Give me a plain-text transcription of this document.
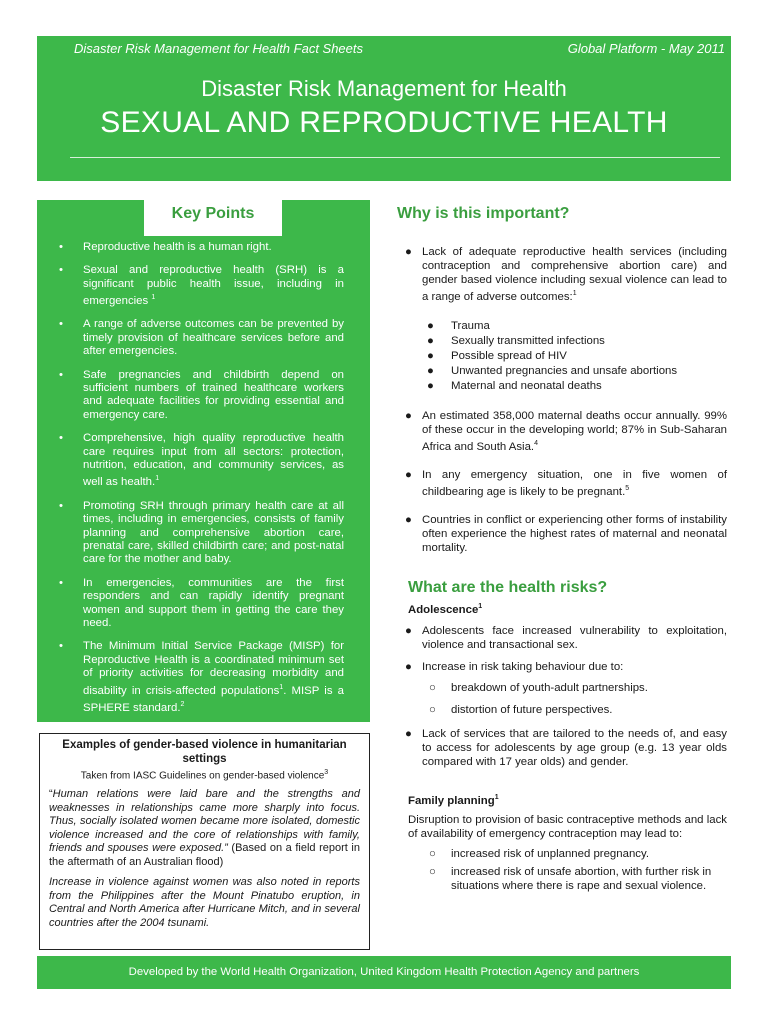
Disaster Risk Management for Health Fact Sheets	Global Platform - May 2011
Disaster Risk Management for Health
SEXUAL AND REPRODUCTIVE HEALTH
Key Points
• Reproductive health is a human right.
• Sexual and reproductive health (SRH) is a significant public health issue, including in emergencies $^1$
• A range of adverse outcomes can be prevented by timely provision of healthcare services before and after emergencies.
• Safe pregnancies and childbirth depend on sufficient numbers of trained healthcare workers and adequate facilities for providing essential and emergency care.
• Comprehensive, high quality reproductive health care requires input from all sectors: protection, nutrition, education, and community services, as well as health.$^1$
• Promoting SRH through primary health care at all times, including in emergencies, consists of family planning and comprehensive abortion care, prenatal care, skilled childbirth care; and post-natal care for the mother and baby.
• In emergencies, communities are the first responders and can rapidly identify pregnant women and support them in getting the care they need.
• The Minimum Initial Service Package (MISP) for Reproductive Health is a coordinated minimum set of priority activities for decreasing morbidity and disability in crisis-affected populations$^1$. MISP is a SPHERE standard.$^2$
Examples of gender-based violence in humanitarian settings
Taken from IASC Guidelines on gender-based violence$^3$

“Human relations were laid bare and the strengths and weaknesses in relationships came more sharply into focus. Thus, socially isolated women became more isolated, domestic violence increased and the core of relationships with family, friends and spouses were exposed.” (Based on a field report in the aftermath of an Australian flood)

Increase in violence against women was also noted in reports from the Philippines after the Mount Pinatubo eruption, in Central and North America after Hurricane Mitch, and in several countries after the 2004 tsunami.

Why is this important?
● Lack of adequate reproductive health services (including contraception and comprehensive abortion care) and gender based violence including sexual violence can lead to a range of adverse outcomes:$^1$
● Trauma
● Sexually transmitted infections
● Possible spread of HIV
● Unwanted pregnancies and unsafe abortions
● Maternal and neonatal deaths
● An estimated 358,000 maternal deaths occur annually. 99% of these occur in the developing world; 87% in Sub-Saharan Africa and South Asia.$^4$
● In any emergency situation, one in five women of childbearing age is likely to be pregnant.$^5$
● Countries in conflict or experiencing other forms of instability often experience the highest rates of maternal and neonatal mortality.
What are the health risks?
Adolescence$^1$
● Adolescents face increased vulnerability to exploitation, violence and transactional sex.
● Increase in risk taking behaviour due to:
○ breakdown of youth-adult partnerships.
○ distortion of future perspectives.
● Lack of services that are tailored to the needs of, and easy to access for adolescents by age group (e.g. 13 year olds compared with 17 year olds) and gender.
Family planning$^1$
Disruption to provision of basic contraceptive methods and lack of availability of emergency contraception may lead to:
○ increased risk of unplanned pregnancy.
○ increased risk of unsafe abortion, with further risk in situations where there is rape and sexual violence.
Developed by the World Health Organization, United Kingdom Health Protection Agency and partners
